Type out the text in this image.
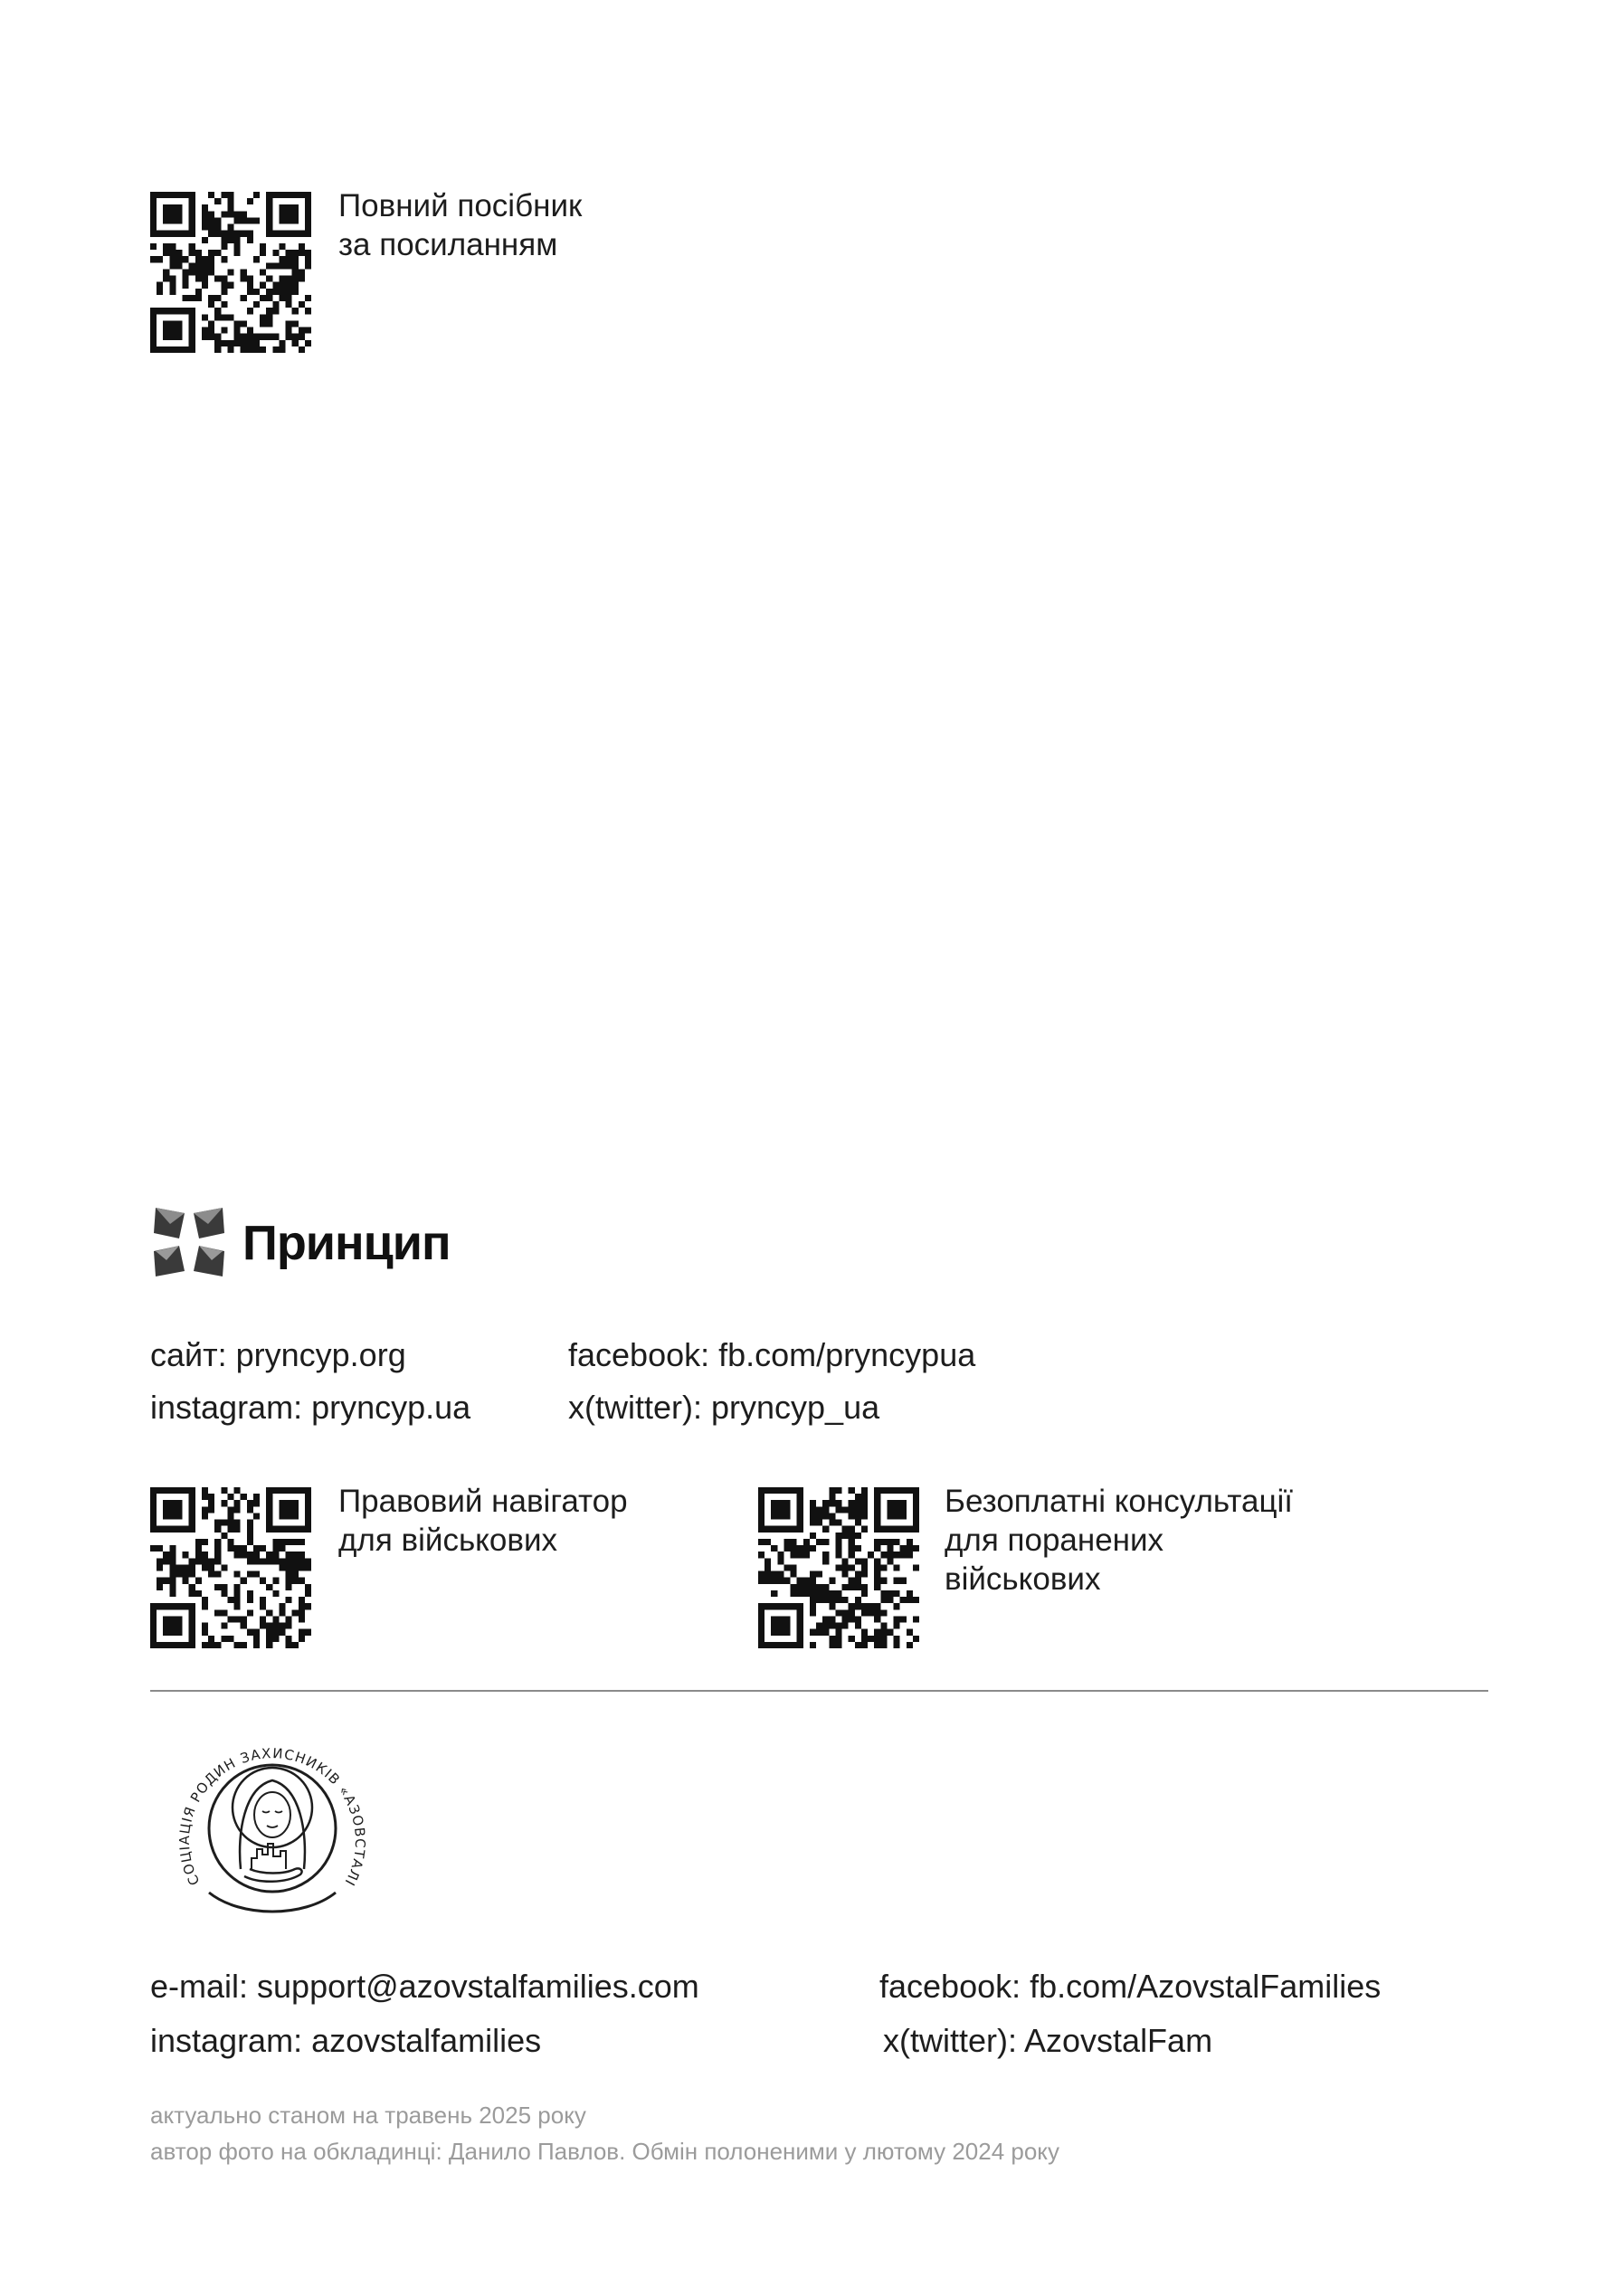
Повний посібник
за посиланням
Принцип
сайт: pryncyp.org
instagram: pryncyp.ua
facebook: fb.com/pryncypua
x(twitter): pryncyp_ua
Правовий навігатор
для військових
Безоплатні консультації
для поранених
військових
СОЦІАЦІЯ РОДИН ЗАХИСНИКІВ «АЗОВСТАЛІ
e-mail: support@azovstalfamilies.com
instagram: azovstalfamilies
facebook: fb.com/AzovstalFamilies
x(twitter): AzovstalFam
актуально станом на травень 2025 року
автор фото на обкладинці: Данило Павлов. Обмін полоненими у лютому 2024 року
